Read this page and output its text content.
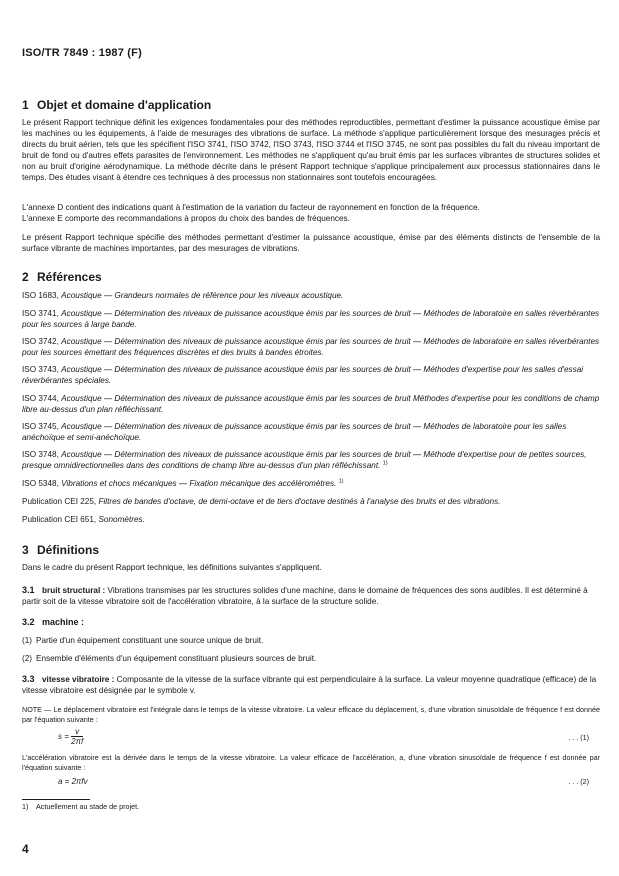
ISO/TR 7849 : 1987 (F)
1 Objet et domaine d'application
Le présent Rapport technique définit les exigences fondamentales pour des méthodes reproductibles, permettant d'estimer la puissance acoustique émise par les machines ou les équipements, à l'aide de mesurages des vibrations de surface. La méthode s'applique particulièrement lorsque des mesurages précis et directs du bruit aérien, tels que les spécifient l'ISO 3741, l'ISO 3742, l'ISO 3743, l'ISO 3744 et l'ISO 3745, ne sont pas possibles du fait du niveau important de bruit de fond ou d'autres effets parasites de l'environnement. Les méthodes ne s'appliquent qu'au bruit émis par les surfaces vibrantes de structures solides et non au bruit d'origine aérodynamique. La méthode décrite dans le présent Rapport technique s'applique principalement aux processus stationnaires dans le temps. Des études visant à étendre ces techniques à des processus non stationnaires sont toutefois encouragées.
L'annexe D contient des indications quant à l'estimation de la variation du facteur de rayonnement en fonction de la fréquence.
L'annexe E comporte des recommandations à propos du choix des bandes de fréquences.
Le présent Rapport technique spécifie des méthodes permettant d'estimer la puissance acoustique, émise par des éléments distincts de l'ensemble de la surface vibrante de machines importantes, par des mesurages de vibrations.
2 Références
ISO 1683, Acoustique — Grandeurs normales de référence pour les niveaux acoustique.
ISO 3741, Acoustique — Détermination des niveaux de puissance acoustique émis par les sources de bruit — Méthodes de laboratoire en salles réverbérantes pour les sources à large bande.
ISO 3742, Acoustique — Détermination des niveaux de puissance acoustique émis par les sources de bruit — Méthodes de laboratoire en salles réverbérantes pour les sources émettant des fréquences discrètes et des bruits à bandes étroites.
ISO 3743, Acoustique — Détermination des niveaux de puissance acoustique émis par les sources de bruit — Méthodes d'expertise pour les salles d'essai réverbérantes spéciales.
ISO 3744, Acoustique — Détermination des niveaux de puissance acoustique émis par les sources de bruit Méthodes d'expertise pour les conditions de champ libre au-dessus d'un plan réfléchissant.
ISO 3745, Acoustique — Détermination des niveaux de puissance acoustique émis par les sources de bruit — Méthodes de laboratoire pour les salles anéchoïque et semi-anéchoïque.
ISO 3748, Acoustique — Détermination des niveaux de puissance acoustique émis par les sources de bruit — Méthode d'expertise pour de petites sources, presque omnidirectionnelles dans des conditions de champ libre au-dessus d'un plan réfléchissant. $^{1)}$
ISO 5348, Vibrations et chocs mécaniques — Fixation mécanique des accéléromètres. $^{1)}$
Publication CEI 225, Filtres de bandes d'octave, de demi-octave et de tiers d'octave destinés à l'analyse des bruits et des vibrations.
Publication CEI 651, Sonomètres.
3 Définitions
Dans le cadre du présent Rapport technique, les définitions suivantes s'appliquent.
3.1 bruit structural : Vibrations transmises par les structures solides d'une machine, dans le domaine de fréquences des sons audibles. Il est déterminé à partir soit de la vitesse vibratoire soit de l'accélération vibratoire, à la surface de la structure solide.
3.2 machine :
(1) Partie d'un équipement constituant une source unique de bruit.
(2) Ensemble d'éléments d'un équipement constituant plusieurs sources de bruit.
3.3 vitesse vibratoire : Composante de la vitesse de la surface vibrante qui est perpendiculaire à la surface. La valeur moyenne quadratique (efficace) de la vitesse vibratoire est désignée par le symbole v.
NOTE — Le déplacement vibratoire est l'intégrale dans le temps de la vitesse vibratoire. La valeur efficace du déplacement, s, d'une vibration sinusoïdale de fréquence f est donnée par l'équation suivante :
$s = \frac{v}{2\pi f}$	. . . (1)
L'accélération vibratoire est la dérivée dans le temps de la vitesse vibratoire. La valeur efficace de l'accélération, a, d'une vibration sinusoïdale de fréquence f est donnée par l'équation suivante :
a = 2πfv	. . . (2)
1) Actuellement au stade de projet.
4
